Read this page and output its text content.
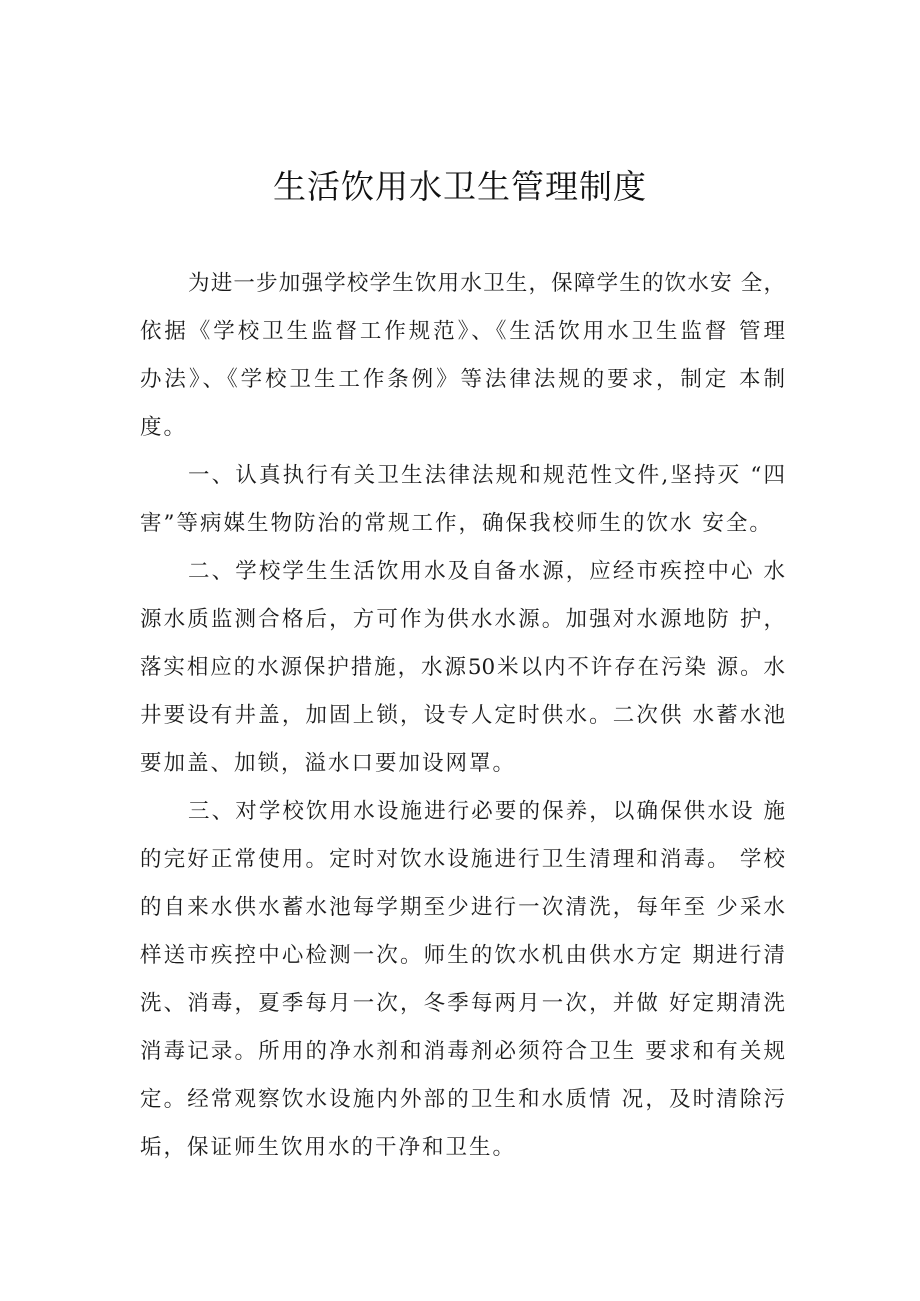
生活饮用水卫生管理制度
为进一步加强学校学生饮用水卫生，保障学生的饮水安 全，
依据《学校卫生监督工作规范》、《生活饮用水卫生监督 管理
办法》、《学校卫生工作条例》等法律法规的要求，制定 本制
度。
一、认真执行有关卫生法律法规和规范性文件,坚持灭 “四
害”等病媒生物防治的常规工作，确保我校师生的饮水 安全。
二、学校学生生活饮用水及自备水源，应经市疾控中心 水
源水质监测合格后，方可作为供水水源。加强对水源地防 护，
落实相应的水源保护措施，水源50米以内不许存在污染 源。水
井要设有井盖，加固上锁，设专人定时供水。二次供 水蓄水池
要加盖、加锁，溢水口要加设网罩。
三、对学校饮用水设施进行必要的保养，以确保供水设 施
的完好正常使用。定时对饮水设施进行卫生清理和消毒。 学校
的自来水供水蓄水池每学期至少进行一次清洗，每年至 少采水
样送市疾控中心检测一次。师生的饮水机由供水方定 期进行清
洗、消毒，夏季每月一次，冬季每两月一次，并做 好定期清洗
消毒记录。所用的净水剂和消毒剂必须符合卫生 要求和有关规
定。经常观察饮水设施内外部的卫生和水质情 况，及时清除污
垢，保证师生饮用水的干净和卫生。
